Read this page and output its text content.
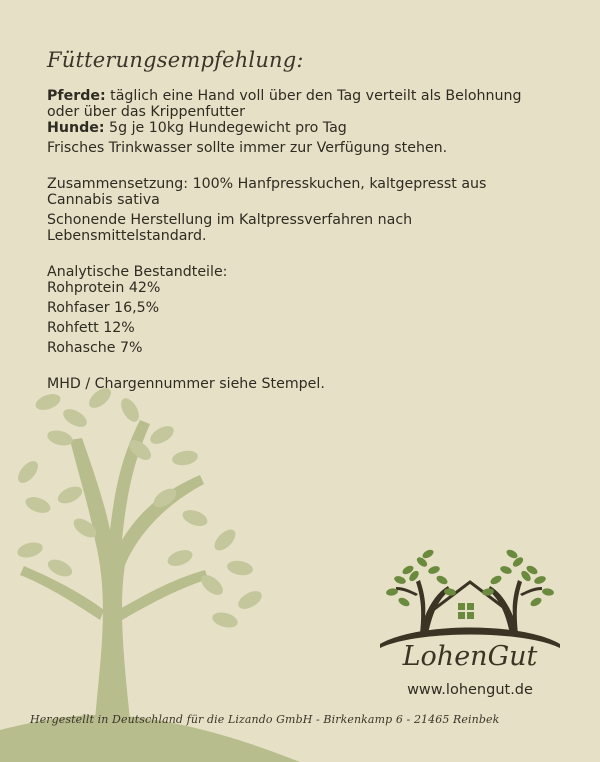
Fütterungsempfehlung:

Pferde: täglich eine Hand voll über den Tag verteilt als Belohnung

oder über das Krippenfutter

Hunde: 5g je 10kg Hundegewicht pro Tag

Frisches Trinkwasser sollte immer zur Verfügung stehen.

Zusammensetzung: 100% Hanfpresskuchen, kaltgepresst aus

Cannabis sativa

Schonende Herstellung im Kaltpressverfahren nach

Lebensmittelstandard.

Analytische Bestandteile:

Rohprotein 42%

Rohfaser 16,5%

Rohfett 12%

Rohasche 7%

MHD / Chargennummer siehe Stempel.

LohenGut
www.lohengut.de
Hergestellt in Deutschland für die Lizando GmbH - Birkenkamp 6 - 21465 Reinbek
